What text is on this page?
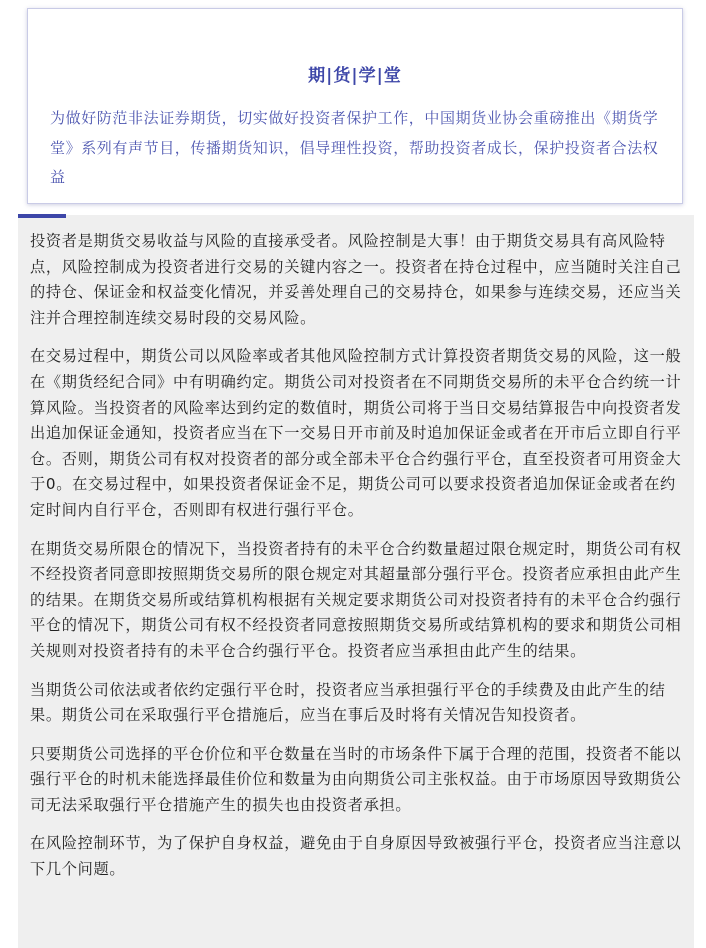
期|货|学|堂
为做好防范非法证券期货，切实做好投资者保护工作，中国期货业协会重磅推出《期货学堂》系列有声节目，传播期货知识，倡导理性投资，帮助投资者成长，保护投资者合法权益

投资者是期货交易收益与风险的直接承受者。风险控制是大事！由于期货交易具有高风险特点，风险控制成为投资者进行交易的关键内容之一。投资者在持仓过程中，应当随时关注自己的持仓、保证金和权益变化情况，并妥善处理自己的交易持仓，如果参与连续交易，还应当关注并合理控制连续交易时段的交易风险。

在交易过程中，期货公司以风险率或者其他风险控制方式计算投资者期货交易的风险，这一般在《期货经纪合同》中有明确约定。期货公司对投资者在不同期货交易所的未平仓合约统一计算风险。当投资者的风险率达到约定的数值时，期货公司将于当日交易结算报告中向投资者发出追加保证金通知，投资者应当在下一交易日开市前及时追加保证金或者在开市后立即自行平仓。否则，期货公司有权对投资者的部分或全部未平仓合约强行平仓，直至投资者可用资金大于0。在交易过程中，如果投资者保证金不足，期货公司可以要求投资者追加保证金或者在约定时间内自行平仓，否则即有权进行强行平仓。

在期货交易所限仓的情况下，当投资者持有的未平仓合约数量超过限仓规定时，期货公司有权不经投资者同意即按照期货交易所的限仓规定对其超量部分强行平仓。投资者应承担由此产生的结果。在期货交易所或结算机构根据有关规定要求期货公司对投资者持有的未平仓合约强行平仓的情况下，期货公司有权不经投资者同意按照期货交易所或结算机构的要求和期货公司相关规则对投资者持有的未平仓合约强行平仓。投资者应当承担由此产生的结果。

当期货公司依法或者依约定强行平仓时，投资者应当承担强行平仓的手续费及由此产生的结果。期货公司在采取强行平仓措施后，应当在事后及时将有关情况告知投资者。

只要期货公司选择的平仓价位和平仓数量在当时的市场条件下属于合理的范围，投资者不能以强行平仓的时机未能选择最佳价位和数量为由向期货公司主张权益。由于市场原因导致期货公司无法采取强行平仓措施产生的损失也由投资者承担。

在风险控制环节，为了保护自身权益，避免由于自身原因导致被强行平仓，投资者应当注意以下几个问题。
